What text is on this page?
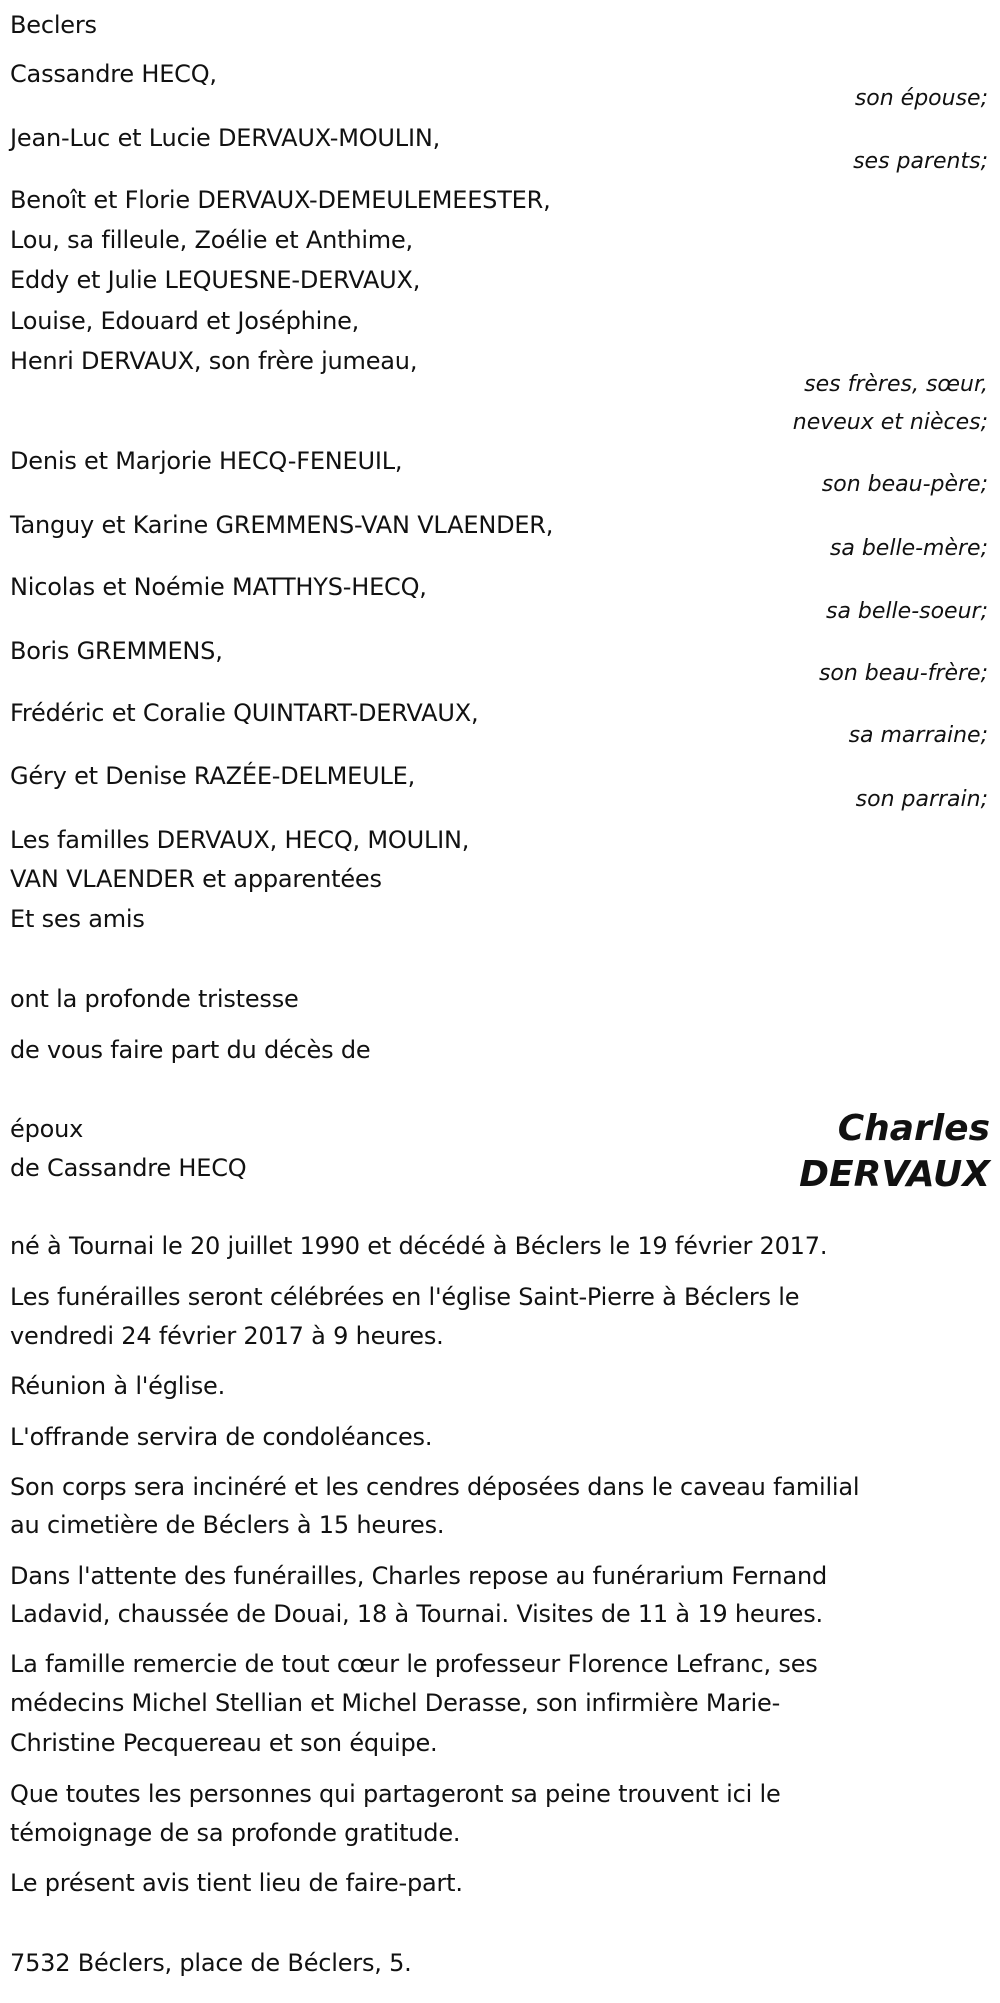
Beclers
Cassandre HECQ,
son épouse;
Jean-Luc et Lucie DERVAUX-MOULIN,
ses parents;
Benoît et Florie DERVAUX-DEMEULEMEESTER,
Lou, sa filleule, Zoélie et Anthime,
Eddy et Julie LEQUESNE-DERVAUX,
Louise, Edouard et Joséphine,
Henri DERVAUX, son frère jumeau,
ses frères, sœur,
neveux et nièces;
Denis et Marjorie HECQ-FENEUIL,
son beau-père;
Tanguy et Karine GREMMENS-VAN VLAENDER,
sa belle-mère;
Nicolas et Noémie MATTHYS-HECQ,
sa belle-soeur;
Boris GREMMENS,
son beau-frère;
Frédéric et Coralie QUINTART-DERVAUX,
sa marraine;
Géry et Denise RAZÉE-DELMEULE,
son parrain;
Les familles DERVAUX, HECQ, MOULIN,
VAN VLAENDER et apparentées
Et ses amis
ont la profonde tristesse
de vous faire part du décès de
époux
de Cassandre HECQ
Charles
DERVAUX
né à Tournai le 20 juillet 1990 et décédé à Béclers le 19 février 2017.
Les funérailles seront célébrées en l'église Saint-Pierre à Béclers le
vendredi 24 février 2017 à 9 heures.
Réunion à l'église.
L'offrande servira de condoléances.
Son corps sera inciné​ré et les cendres déposées dans le caveau familial
au cimetière de Béclers à 15 heures.
Dans l'attente des funérailles, Charles repose au funérarium Fernand
Ladavid, chaussée de Douai, 18 à Tournai. Visites de 11 à 19 heures.
La famille remercie de tout cœur le professeur Florence Lefranc, ses
médecins Michel Stellian et Michel Derasse, son infirmière Marie-
Christine Pecquereau et son équipe.
Que toutes les personnes qui partageront sa peine trouvent ici le
témoignage de sa profonde gratitude.
Le présent avis tient lieu de faire-part.
7532 Béclers, place de Béclers, 5.
